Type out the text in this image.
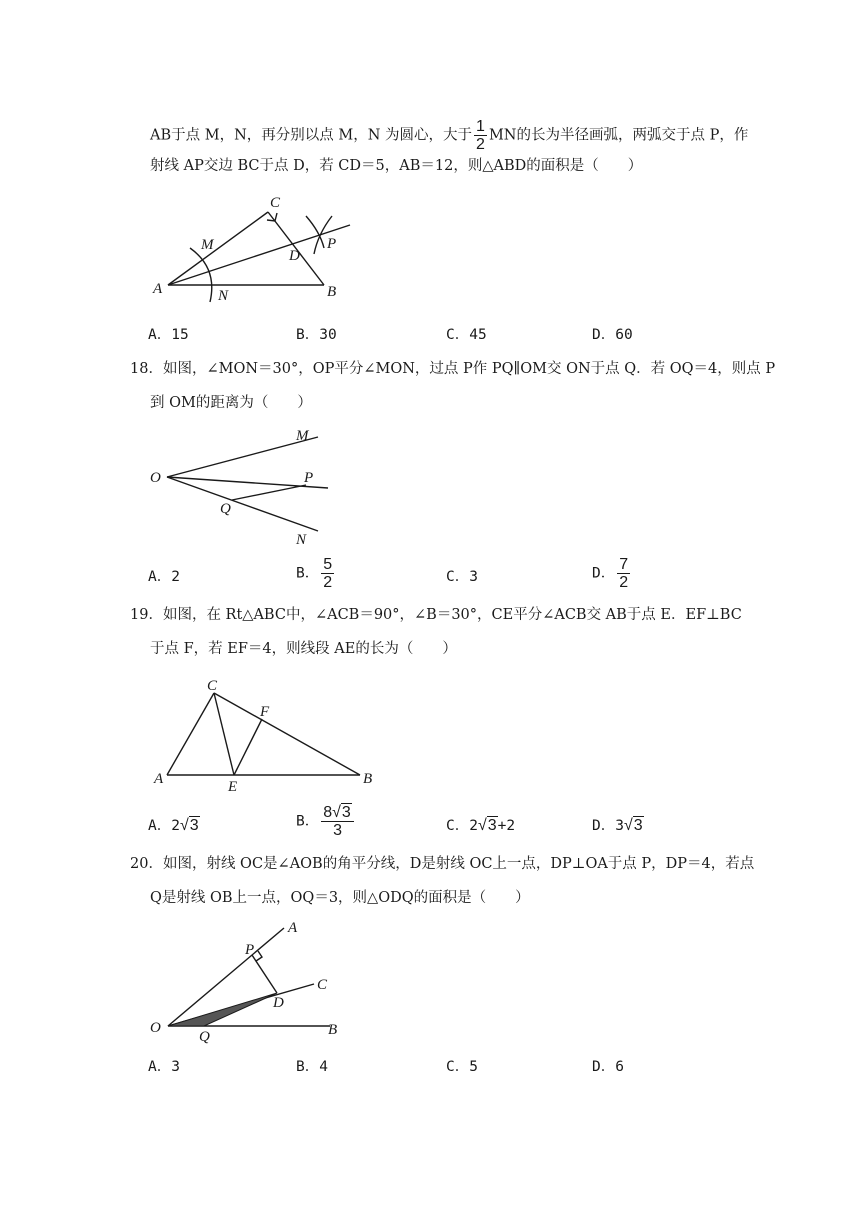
AB于点 M，N，再分别以点 M，N 为圆心，大于 $\frac{1}{2}$ MN的长为半径画弧，两弧交于点 P，作
射线 AP交边 BC于点 D，若 CD＝5，AB＝12，则△ABD的面积是（　　）
A	B
C
D
M
N
P
A．15	B．30	C．45	D．60
18．如图，∠MON＝30°，OP平分∠MON，过点 P作 PQ∥OM交 ON于点 Q．若 OQ＝4，则点 P
到 OM的距离为（　　）
O
M
P
Q
N
A．2	B． $\frac{5}{2}$	C．3	D． $\frac{7}{2}$
19．如图，在 Rt△ABC中，∠ACB＝90°，∠B＝30°，CE平分∠ACB交 AB于点 E．EF⊥BC
于点 F，若 EF＝4，则线段 AE的长为（　　）
C
F
A	E	B
A．2√3	B． $\frac{8√3}{3}$	C．2√3+2	D．3√3
20．如图，射线 OC是∠AOB的角平分线，D是射线 OC上一点，DP⊥OA于点 P，DP＝4，若点
Q是射线 OB上一点，OQ＝3，则△ODQ的面积是（　　）
P
A
C
D
O
Q	B
A．3	B．4	C．5	D．6
